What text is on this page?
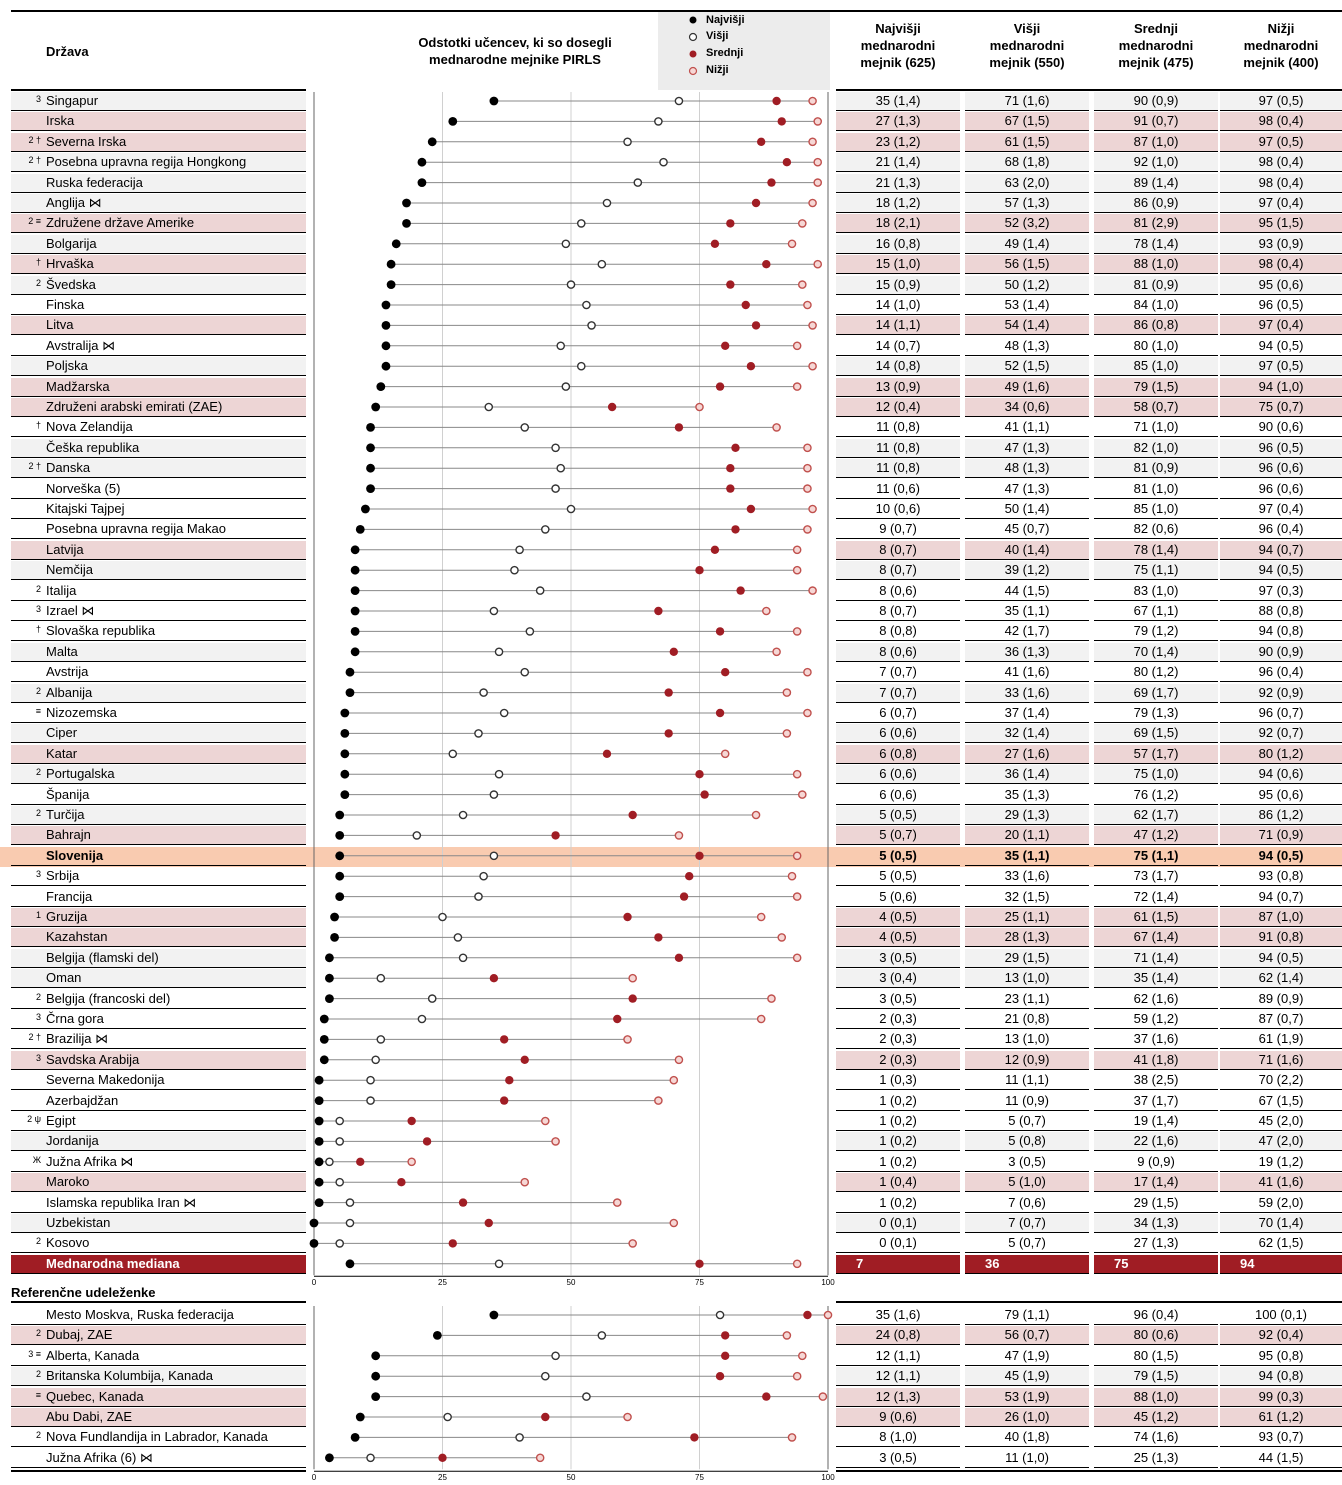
Država
Odstotki učencev, ki so dosegli
mednarodne mejnike PIRLS
Najvišji
Višji
Srednji
Nižji
Najvišji
mednarodni
mejnik (625)
Višji
mednarodni
mejnik (550)
Srednji
mednarodni
mejnik (475)
Nižji
mednarodni
mejnik (400)
3 Singapur	35 (1,4)	71 (1,6)	90 (0,9)	97 (0,5)
Irska	27 (1,3)	67 (1,5)	91 (0,7)	98 (0,4)
2 † Severna Irska	23 (1,2)	61 (1,5)	87 (1,0)	97 (0,5)
2 † Posebna upravna regija Hongkong	21 (1,4)	68 (1,8)	92 (1,0)	98 (0,4)
Ruska federacija	21 (1,3)	63 (2,0)	89 (1,4)	98 (0,4)
Anglija ⋈	18 (1,2)	57 (1,3)	86 (0,9)	97 (0,4)
2 ≡ Združene države Amerike	18 (2,1)	52 (3,2)	81 (2,9)	95 (1,5)
Bolgarija	16 (0,8)	49 (1,4)	78 (1,4)	93 (0,9)
† Hrvaška	15 (1,0)	56 (1,5)	88 (1,0)	98 (0,4)
2 Švedska	15 (0,9)	50 (1,2)	81 (0,9)	95 (0,6)
Finska	14 (1,0)	53 (1,4)	84 (1,0)	96 (0,5)
Litva	14 (1,1)	54 (1,4)	86 (0,8)	97 (0,4)
Avstralija ⋈	14 (0,7)	48 (1,3)	80 (1,0)	94 (0,5)
Poljska	14 (0,8)	52 (1,5)	85 (1,0)	97 (0,5)
Madžarska	13 (0,9)	49 (1,6)	79 (1,5)	94 (1,0)
Združeni arabski emirati (ZAE)	12 (0,4)	34 (0,6)	58 (0,7)	75 (0,7)
† Nova Zelandija	11 (0,8)	41 (1,1)	71 (1,0)	90 (0,6)
Češka republika	11 (0,8)	47 (1,3)	82 (1,0)	96 (0,5)
2 † Danska	11 (0,8)	48 (1,3)	81 (0,9)	96 (0,6)
Norveška (5)	11 (0,6)	47 (1,3)	81 (1,0)	96 (0,6)
Kitajski Tajpej	10 (0,6)	50 (1,4)	85 (1,0)	97 (0,4)
Posebna upravna regija Makao	9 (0,7)	45 (0,7)	82 (0,6)	96 (0,4)
Latvija	8 (0,7)	40 (1,4)	78 (1,4)	94 (0,7)
Nemčija	8 (0,7)	39 (1,2)	75 (1,1)	94 (0,5)
2 Italija	8 (0,6)	44 (1,5)	83 (1,0)	97 (0,3)
3 Izrael ⋈	8 (0,7)	35 (1,1)	67 (1,1)	88 (0,8)
† Slovaška republika	8 (0,8)	42 (1,7)	79 (1,2)	94 (0,8)
Malta	8 (0,6)	36 (1,3)	70 (1,4)	90 (0,9)
Avstrija	7 (0,7)	41 (1,6)	80 (1,2)	96 (0,4)
2 Albanija	7 (0,7)	33 (1,6)	69 (1,7)	92 (0,9)
≡ Nizozemska	6 (0,7)	37 (1,4)	79 (1,3)	96 (0,7)
Ciper	6 (0,6)	32 (1,4)	69 (1,5)	92 (0,7)
Katar	6 (0,8)	27 (1,6)	57 (1,7)	80 (1,2)
2 Portugalska	6 (0,6)	36 (1,4)	75 (1,0)	94 (0,6)
Španija	6 (0,6)	35 (1,3)	76 (1,2)	95 (0,6)
2 Turčija	5 (0,5)	29 (1,3)	62 (1,7)	86 (1,2)
Bahrajn	5 (0,7)	20 (1,1)	47 (1,2)	71 (0,9)
Slovenija	5 (0,5)	35 (1,1)	75 (1,1)	94 (0,5)
3 Srbija	5 (0,5)	33 (1,6)	73 (1,7)	93 (0,8)
Francija	5 (0,6)	32 (1,5)	72 (1,4)	94 (0,7)
1 Gruzija	4 (0,5)	25 (1,1)	61 (1,5)	87 (1,0)
Kazahstan	4 (0,5)	28 (1,3)	67 (1,4)	91 (0,8)
Belgija (flamski del)	3 (0,5)	29 (1,5)	71 (1,4)	94 (0,5)
Oman	3 (0,4)	13 (1,0)	35 (1,4)	62 (1,4)
2 Belgija (francoski del)	3 (0,5)	23 (1,1)	62 (1,6)	89 (0,9)
3 Črna gora	2 (0,3)	21 (0,8)	59 (1,2)	87 (0,7)
2 † Brazilija ⋈	2 (0,3)	13 (1,0)	37 (1,6)	61 (1,9)
3 Savdska Arabija	2 (0,3)	12 (0,9)	41 (1,8)	71 (1,6)
Severna Makedonija	1 (0,3)	11 (1,1)	38 (2,5)	70 (2,2)
Azerbajdžan	1 (0,2)	11 (0,9)	37 (1,7)	67 (1,5)
2 ψ Egipt	1 (0,2)	5 (0,7)	19 (1,4)	45 (2,0)
Jordanija	1 (0,2)	5 (0,8)	22 (1,6)	47 (2,0)
Ж Južna Afrika ⋈	1 (0,2)	3 (0,5)	9 (0,9)	19 (1,2)
Maroko	1 (0,4)	5 (1,0)	17 (1,4)	41 (1,6)
Islamska republika Iran ⋈	1 (0,2)	7 (0,6)	29 (1,5)	59 (2,0)
Uzbekistan	0 (0,1)	7 (0,7)	34 (1,3)	70 (1,4)
2 Kosovo	0 (0,1)	5 (0,7)	27 (1,3)	62 (1,5)
Mednarodna mediana	7	36	75	94
Referenčne udeleženke
Mesto Moskva, Ruska federacija	35 (1,6)	79 (1,1)	96 (0,4)	100 (0,1)
2 Dubaj, ZAE	24 (0,8)	56 (0,7)	80 (0,6)	92 (0,4)
3 ≡ Alberta, Kanada	12 (1,1)	47 (1,9)	80 (1,5)	95 (0,8)
2 Britanska Kolumbija, Kanada	12 (1,1)	45 (1,9)	79 (1,5)	94 (0,8)
≡ Quebec, Kanada	12 (1,3)	53 (1,9)	88 (1,0)	99 (0,3)
Abu Dabi, ZAE	9 (0,6)	26 (1,0)	45 (1,2)	61 (1,2)
2 Nova Fundlandija in Labrador, Kanada	8 (1,0)	40 (1,8)	74 (1,6)	93 (0,7)
Južna Afrika (6) ⋈	3 (0,5)	11 (1,0)	25 (1,3)	44 (1,5)
0	25	50	75	100
0	25	50	75	100
